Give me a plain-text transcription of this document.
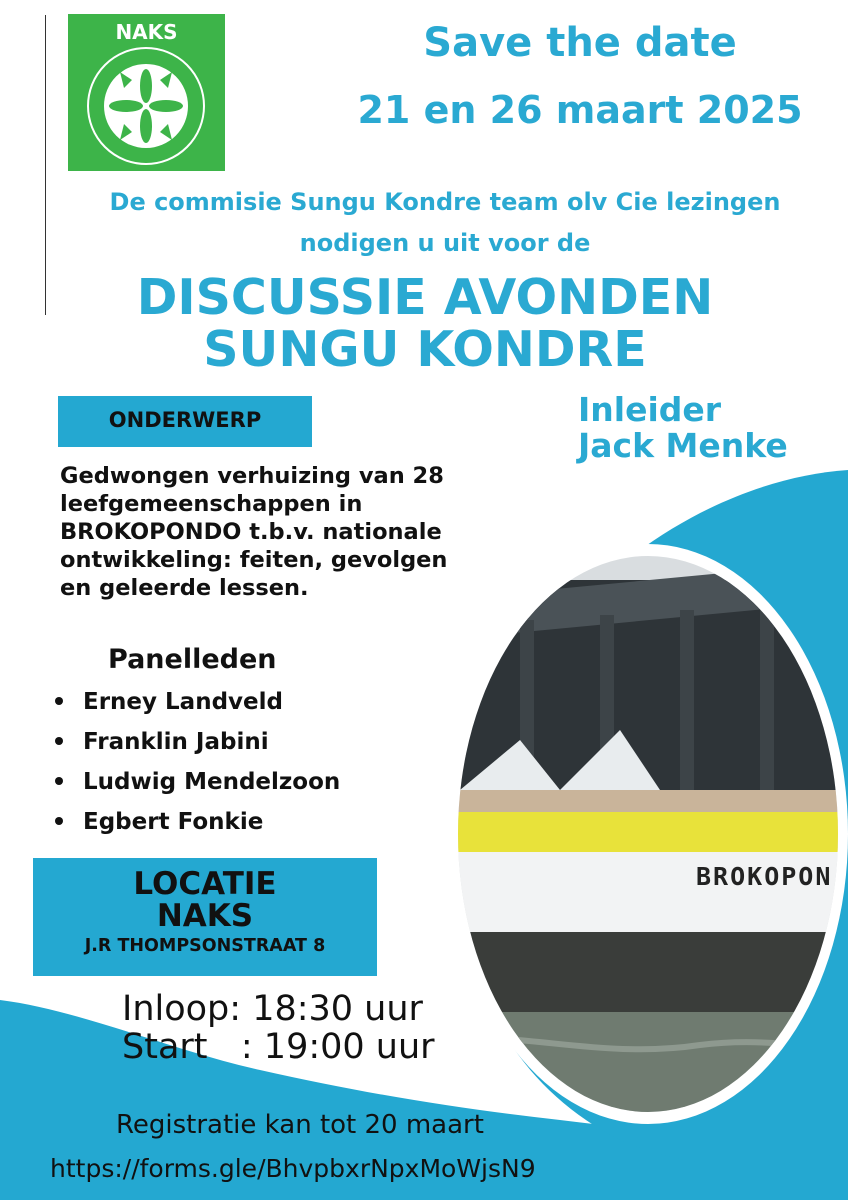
BROKOPON
NAKS	Save the date
21 en 26 maart 2025
De commisie Sungu Kondre team olv Cie lezingen
nodigen u uit voor de
DISCUSSIE AVONDEN
SUNGU KONDRE
ONDERWERP	Inleider
Jack Menke
Gedwongen verhuizing van 28
leefgemeenschappen in
BROKOPONDO t.b.v. nationale
ontwikkeling: feiten, gevolgen
en geleerde lessen.
Panelleden
Erney Landveld
Franklin Jabini
Ludwig Mendelzoon
Egbert Fonkie
LOCATIE
NAKS
J.R THOMPSONSTRAAT 8
Inloop: 18:30 uur
Start   : 19:00 uur
Registratie kan tot 20 maart
https://forms.gle/BhvpbxrNpxMoWjsN9
